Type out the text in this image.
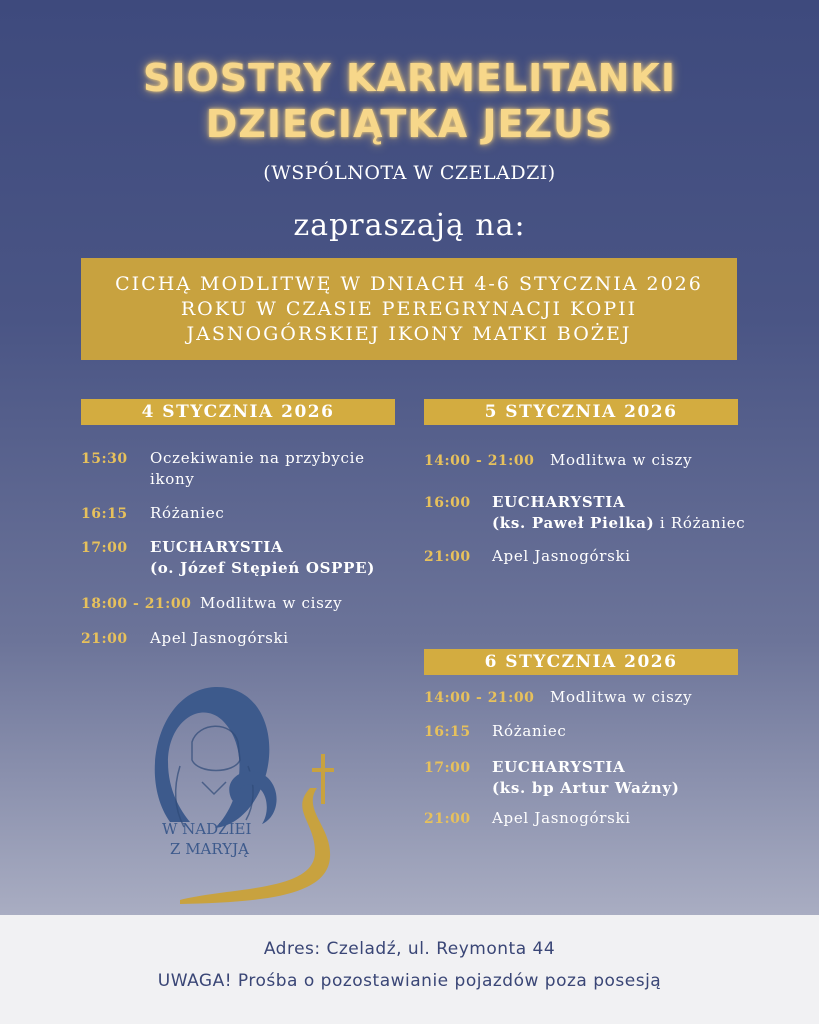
SIOSTRY KARMELITANKI
DZIECIĄTKA JEZUS
(WSPÓLNOTA W CZELADZI)
zapraszają na:
CICHĄ MODLITWĘ W DNIACH 4-6 STYCZNIA 2026 ROKU W CZASIE PEREGRYNACJI KOPII JASNOGÓRSKIEJ IKONY MATKI BOŻEJ
4 STYCZNIA 2026
15:30 Oczekiwanie na przybycie
ikony
16:15 Różaniec
17:00 EUCHARYSTIA
(o. Józef Stępień OSPPE)
18:00 - 21:00 Modlitwa w ciszy
21:00 Apel Jasnogórski
5 STYCZNIA 2026
14:00 - 21:00 Modlitwa w ciszy
16:00 EUCHARYSTIA
(ks. Paweł Pielka) i Różaniec
21:00 Apel Jasnogórski
6 STYCZNIA 2026
14:00 - 21:00 Modlitwa w ciszy
16:15 Różaniec
17:00 EUCHARYSTIA
(ks. bp Artur Ważny)
21:00 Apel Jasnogórski
W NADZIEI
Z MARYJĄ
Adres: Czeladź, ul. Reymonta 44
UWAGA! Prośba o pozostawianie pojazdów poza posesją
